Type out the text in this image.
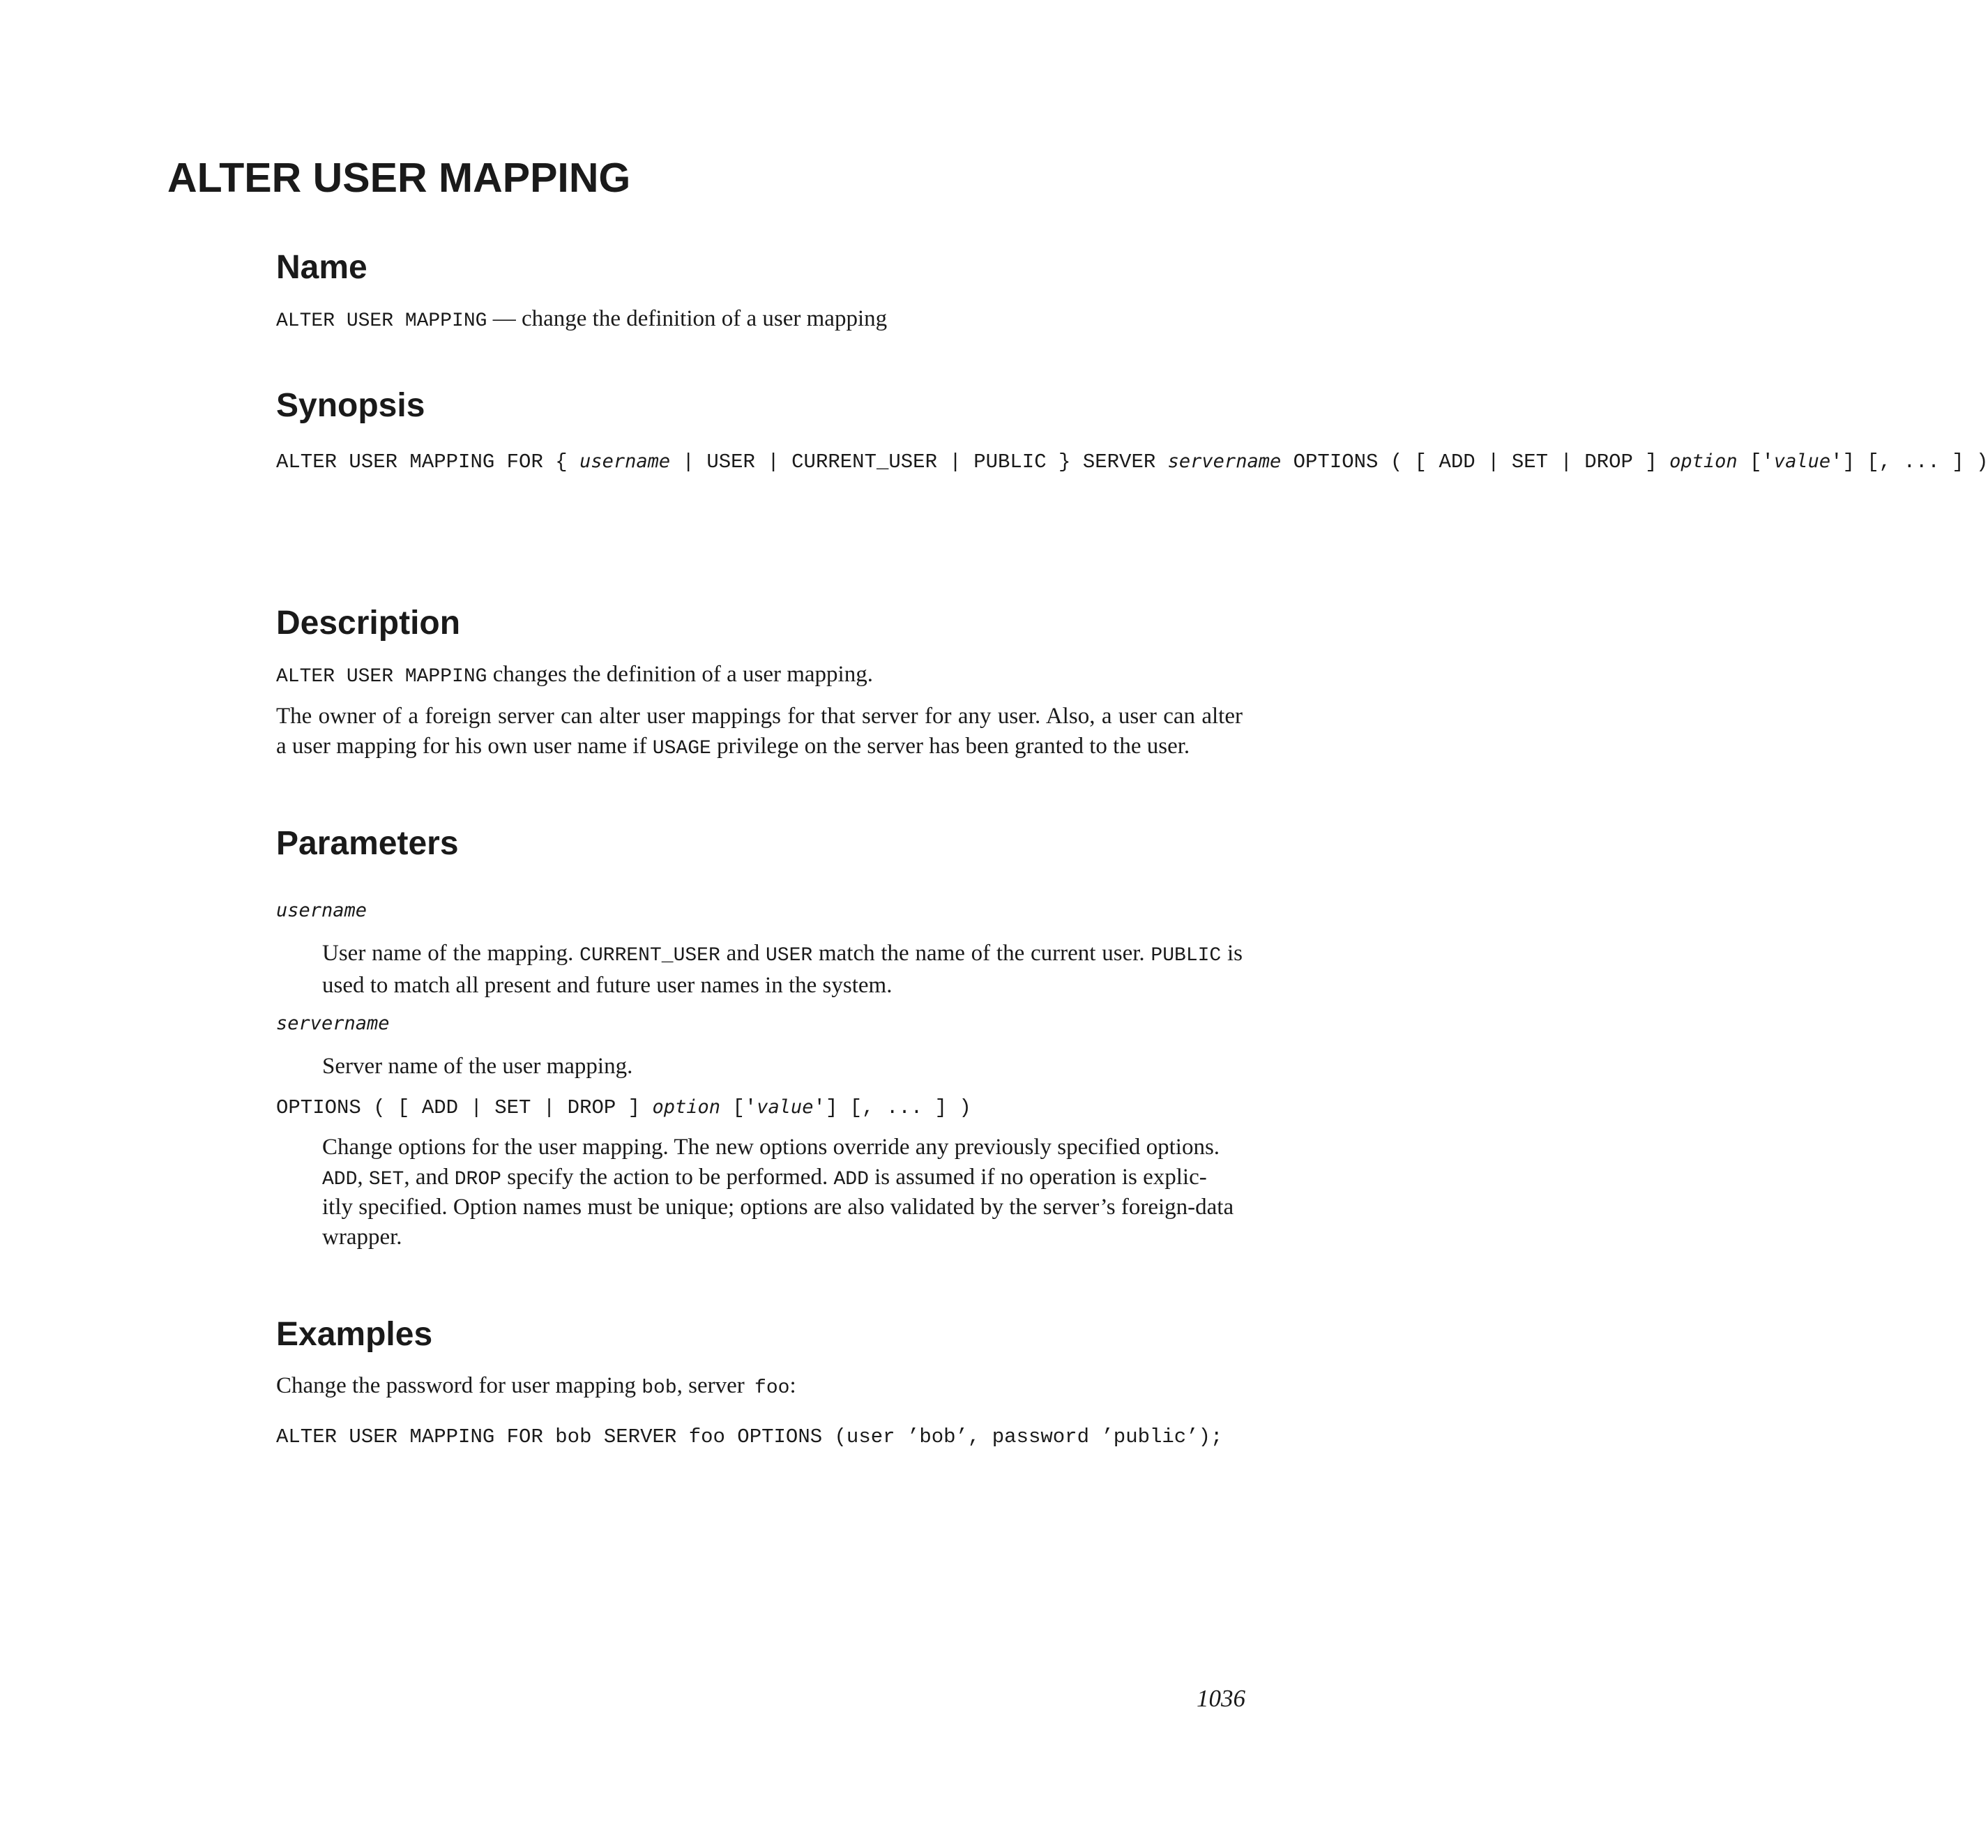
ALTER USER MAPPING
Name

ALTER USER MAPPING — change the definition of a user mapping

Synopsis
ALTER USER MAPPING FOR { username | USER | CURRENT_USER | PUBLIC } SERVER servername OPTIONS ( [ ADD | SET | DROP ] option ['value'] [, ... ] )
Description

ALTER USER MAPPING changes the definition of a user mapping.

The owner of a foreign server can alter user mappings for that server for any user. Also, a user can alter a user mapping for his own user name if USAGE privilege on the server has been granted to the user.

Parameters
username

User name of the mapping. CURRENT_USER and USER match the name of the current user. PUBLIC is used to match all present and future user names in the system.

servername

Server name of the user mapping.

OPTIONS ( [ ADD | SET | DROP ] option ['value'] [, ... ] )
Change options for the user mapping. The new options override any previously specified options.
ADD, SET, and DROP specify the action to be performed. ADD is assumed if no operation is explic-
itly specified. Option names must be unique; options are also validated by the server’s foreign-data
wrapper.
Examples

Change the password for user mapping bob, server foo:

ALTER USER MAPPING FOR bob SERVER foo OPTIONS (user ’bob’, password ’public’);
1036
